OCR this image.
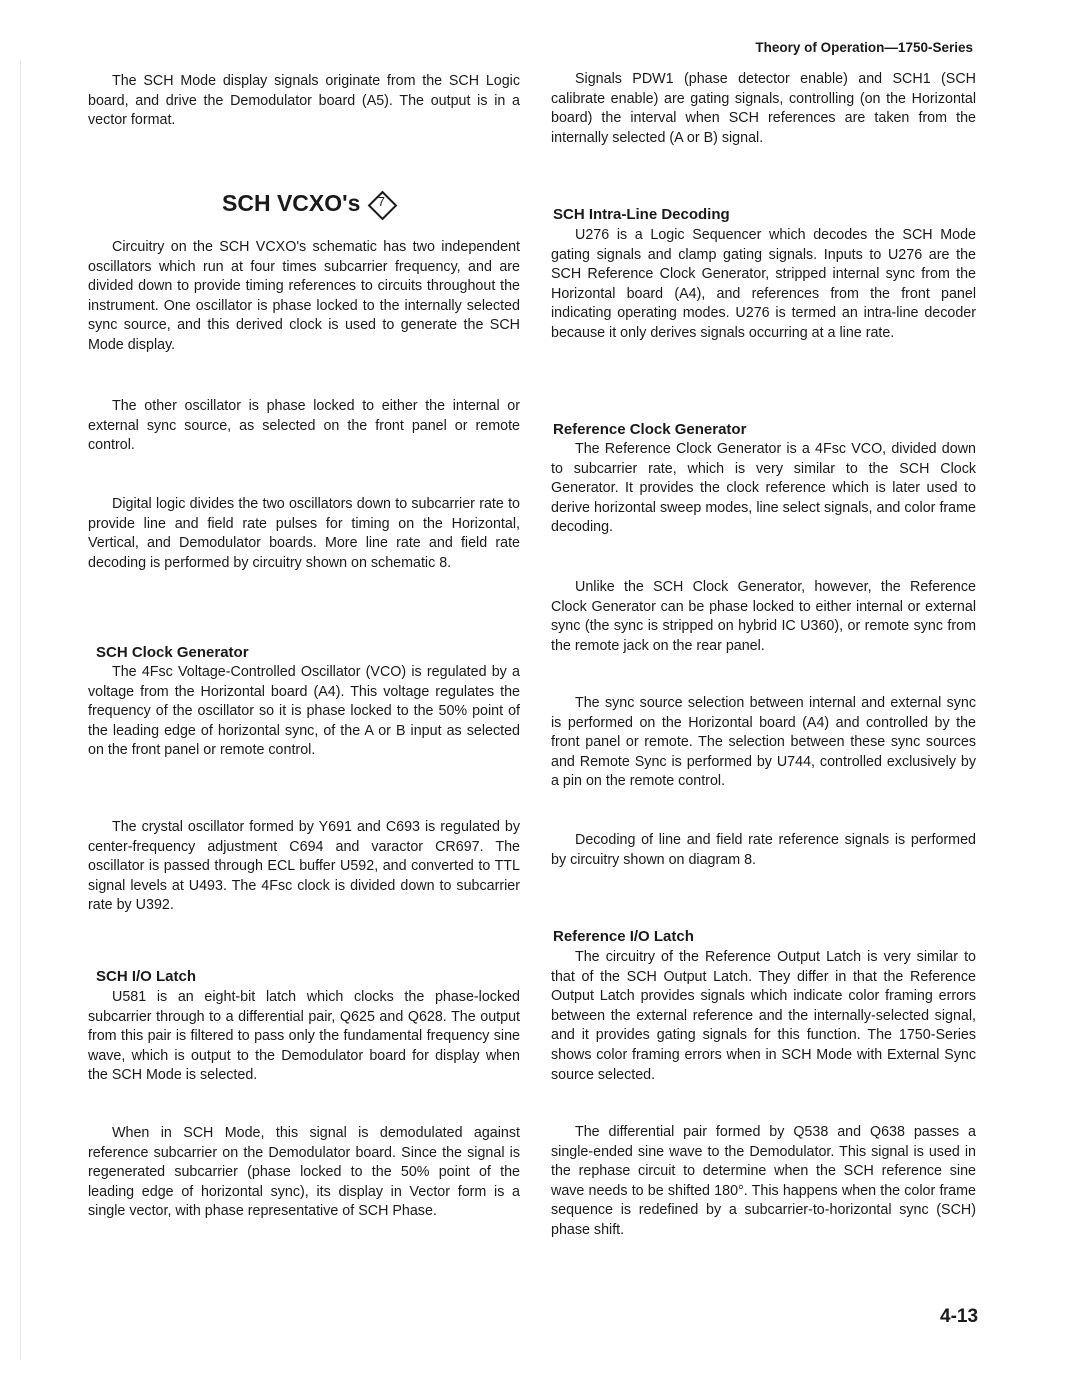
Theory of Operation—1750-Series

The SCH Mode display signals originate from the SCH Logic board, and drive the Demodulator board (A5). The output is in a vector format.

SCH VCXO's	7

Circuitry on the SCH VCXO's schematic has two independent oscillators which run at four times subcarrier frequency, and are divided down to provide timing references to circuits throughout the instrument. One oscillator is phase locked to the internally selected sync source, and this derived clock is used to generate the SCH Mode display.

The other oscillator is phase locked to either the internal or external sync source, as selected on the front panel or remote control.

Digital logic divides the two oscillators down to subcarrier rate to provide line and field rate pulses for timing on the Horizontal, Vertical, and Demodulator boards. More line rate and field rate decoding is performed by circuitry shown on schematic 8.

SCH Clock Generator

The 4Fsc Voltage-Controlled Oscillator (VCO) is regulated by a voltage from the Horizontal board (A4). This voltage regulates the frequency of the oscillator so it is phase locked to the 50% point of the leading edge of horizontal sync, of the A or B input as selected on the front panel or remote control.

The crystal oscillator formed by Y691 and C693 is regulated by center-frequency adjustment C694 and varactor CR697. The oscillator is passed through ECL buffer U592, and converted to TTL signal levels at U493. The 4Fsc clock is divided down to subcarrier rate by U392.

SCH I/O Latch

U581 is an eight-bit latch which clocks the phase-locked subcarrier through to a differential pair, Q625 and Q628. The output from this pair is filtered to pass only the fundamental frequency sine wave, which is output to the Demodulator board for display when the SCH Mode is selected.

When in SCH Mode, this signal is demodulated against reference subcarrier on the Demodulator board. Since the signal is regenerated subcarrier (phase locked to the 50% point of the leading edge of horizontal sync), its display in Vector form is a single vector, with phase representative of SCH Phase.

Signals PDW1 (phase detector enable) and SCH1 (SCH calibrate enable) are gating signals, controlling (on the Horizontal board) the interval when SCH references are taken from the internally selected (A or B) signal.

SCH Intra-Line Decoding

U276 is a Logic Sequencer which decodes the SCH Mode gating signals and clamp gating signals. Inputs to U276 are the SCH Reference Clock Generator, stripped internal sync from the Horizontal board (A4), and references from the front panel indicating operating modes. U276 is termed an intra-line decoder because it only derives signals occurring at a line rate.

Reference Clock Generator

The Reference Clock Generator is a 4Fsc VCO, divided down to subcarrier rate, which is very similar to the SCH Clock Generator. It provides the clock reference which is later used to derive horizontal sweep modes, line select signals, and color frame decoding.

Unlike the SCH Clock Generator, however, the Reference Clock Generator can be phase locked to either internal or external sync (the sync is stripped on hybrid IC U360), or remote sync from the remote jack on the rear panel.

The sync source selection between internal and external sync is performed on the Horizontal board (A4) and controlled by the front panel or remote. The selection between these sync sources and Remote Sync is performed by U744, controlled exclusively by a pin on the remote control.

Decoding of line and field rate reference signals is performed by circuitry shown on diagram 8.

Reference I/O Latch

The circuitry of the Reference Output Latch is very similar to that of the SCH Output Latch. They differ in that the Reference Output Latch provides signals which indicate color framing errors between the external reference and the internally-selected signal, and it provides gating signals for this function. The 1750-Series shows color framing errors when in SCH Mode with External Sync source selected.

The differential pair formed by Q538 and Q638 passes a single-ended sine wave to the Demodulator. This signal is used in the rephase circuit to determine when the SCH reference sine wave needs to be shifted 180°. This happens when the color frame sequence is redefined by a subcarrier-to-horizontal sync (SCH) phase shift.

4-13
